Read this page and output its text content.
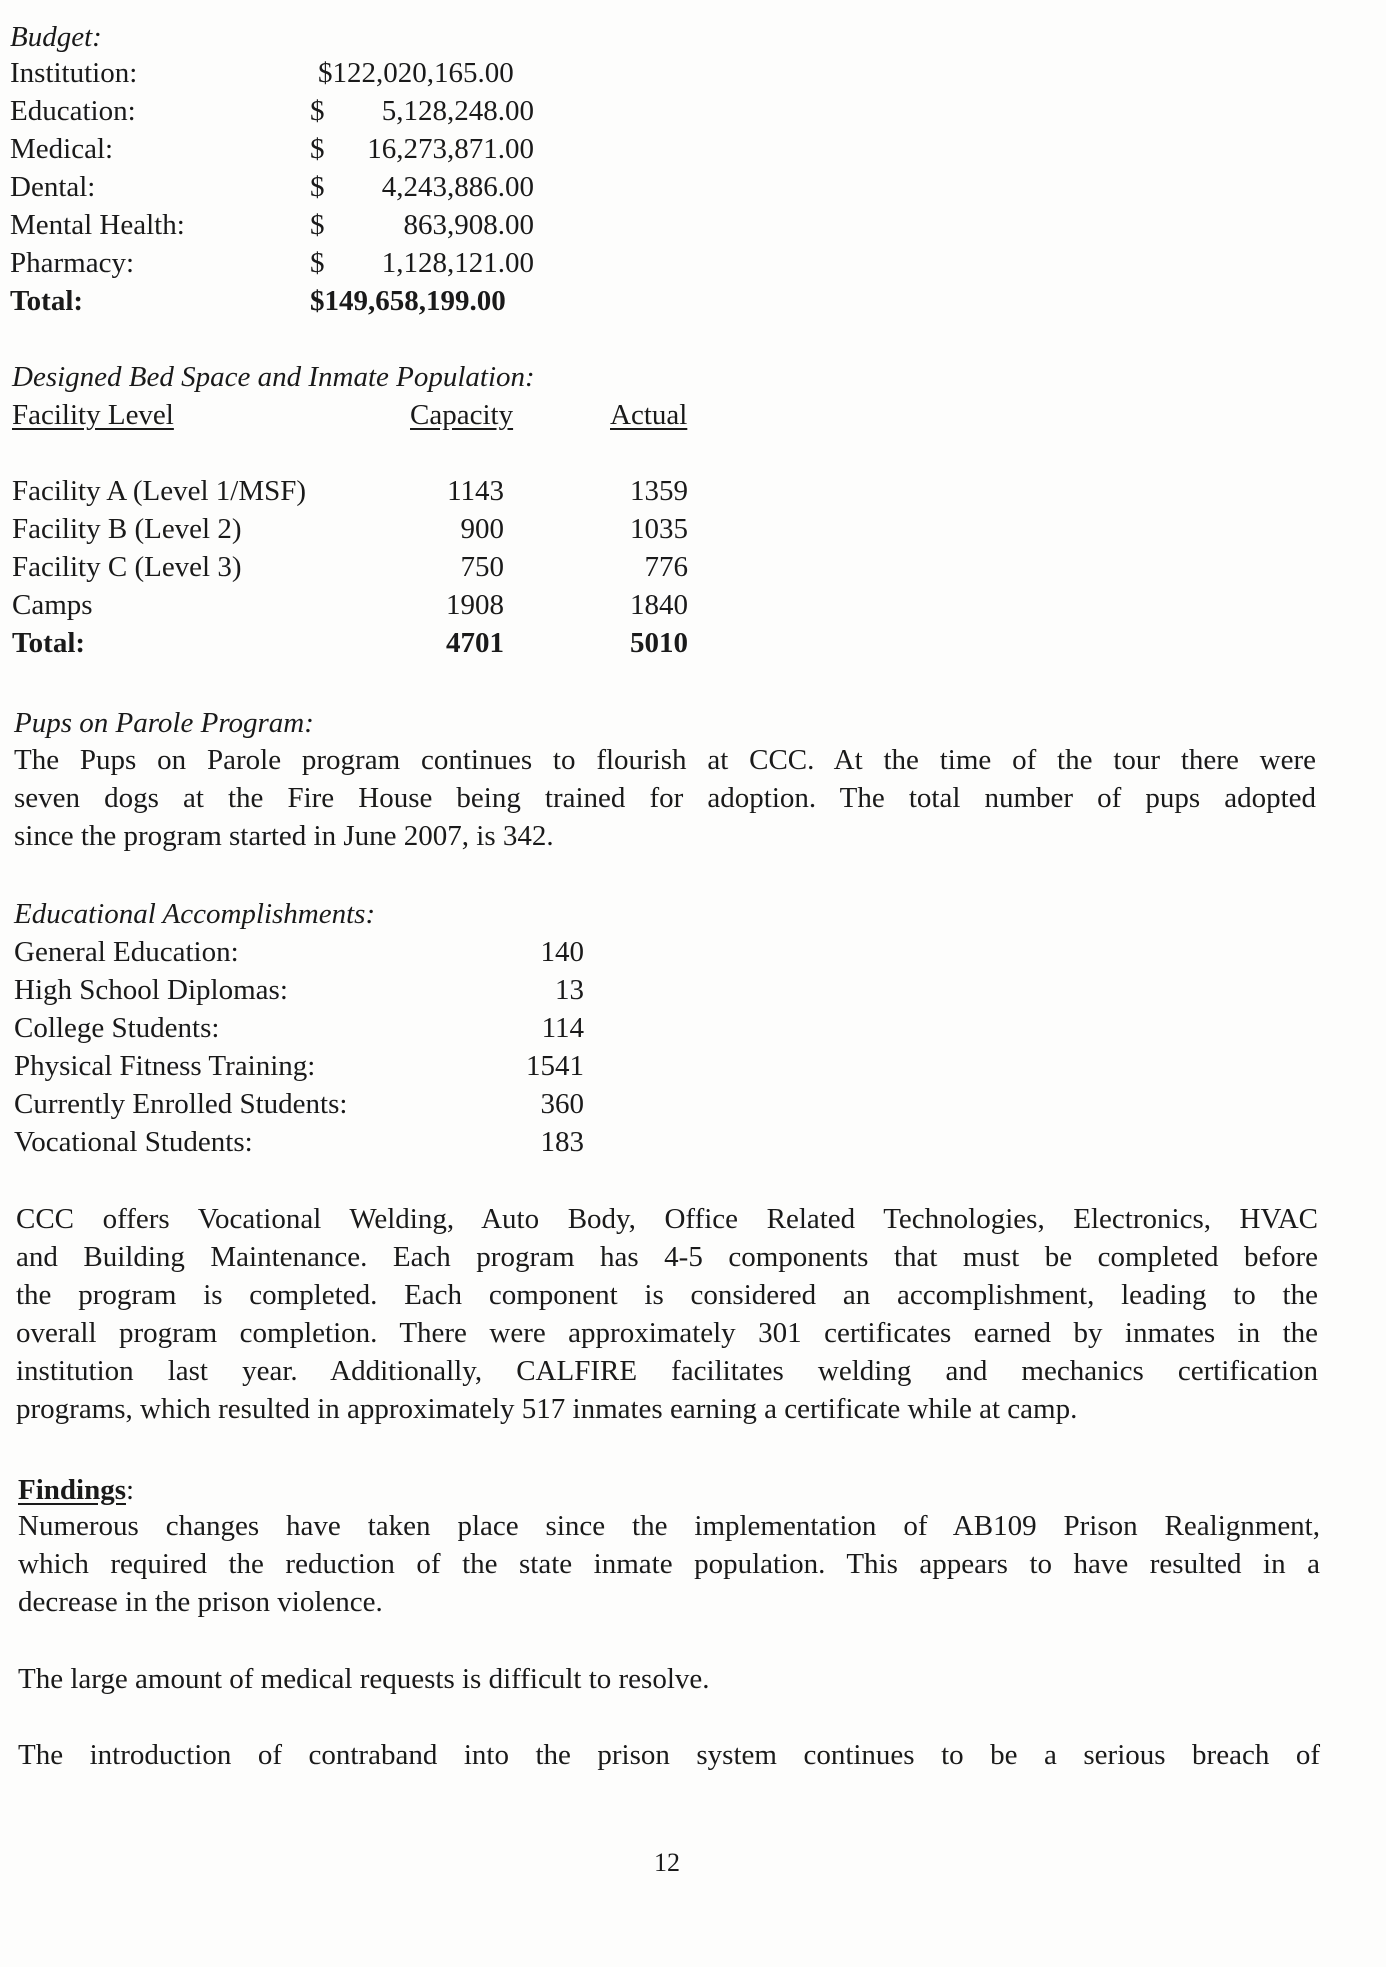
Budget:
Institution:	$122,020,165.00
Education:	$ 5,128,248.00
Medical:	$ 16,273,871.00
Dental:	$ 4,243,886.00
Mental Health:	$	863,908.00
Pharmacy:	$ 1,128,121.00
Total:	$149,658,199.00
Designed Bed Space and Inmate Population:
Facility Level	Capacity	Actual
Facility A (Level 1/MSF)	1143	1359
Facility B (Level 2)	900	1035
Facility C (Level 3)	750	776
Camps	1908	1840
Total:	4701	5010
Pups on Parole Program:
The Pups on Parole program continues to flourish at CCC. At the time of the tour there were
seven dogs at the Fire House being trained for adoption. The total number of pups adopted
since the program started in June 2007, is 342.
Educational Accomplishments:
General Education:	140
High School Diplomas:	13
College Students:	114
Physical Fitness Training:	1541
Currently Enrolled Students:	360
Vocational Students:	183
CCC offers Vocational Welding, Auto Body, Office Related Technologies, Electronics, HVAC
and Building Maintenance. Each program has 4-5 components that must be completed before
the program is completed. Each component is considered an accomplishment, leading to the
overall program completion. There were approximately 301 certificates earned by inmates in the
institution last year. Additionally, CALFIRE facilitates welding and mechanics certification
programs, which resulted in approximately 517 inmates earning a certificate while at camp.
Findings:
Numerous changes have taken place since the implementation of AB109 Prison Realignment,
which required the reduction of the state inmate population. This appears to have resulted in a
decrease in the prison violence.
The large amount of medical requests is difficult to resolve.
The introduction of contraband into the prison system continues to be a serious breach of
12
